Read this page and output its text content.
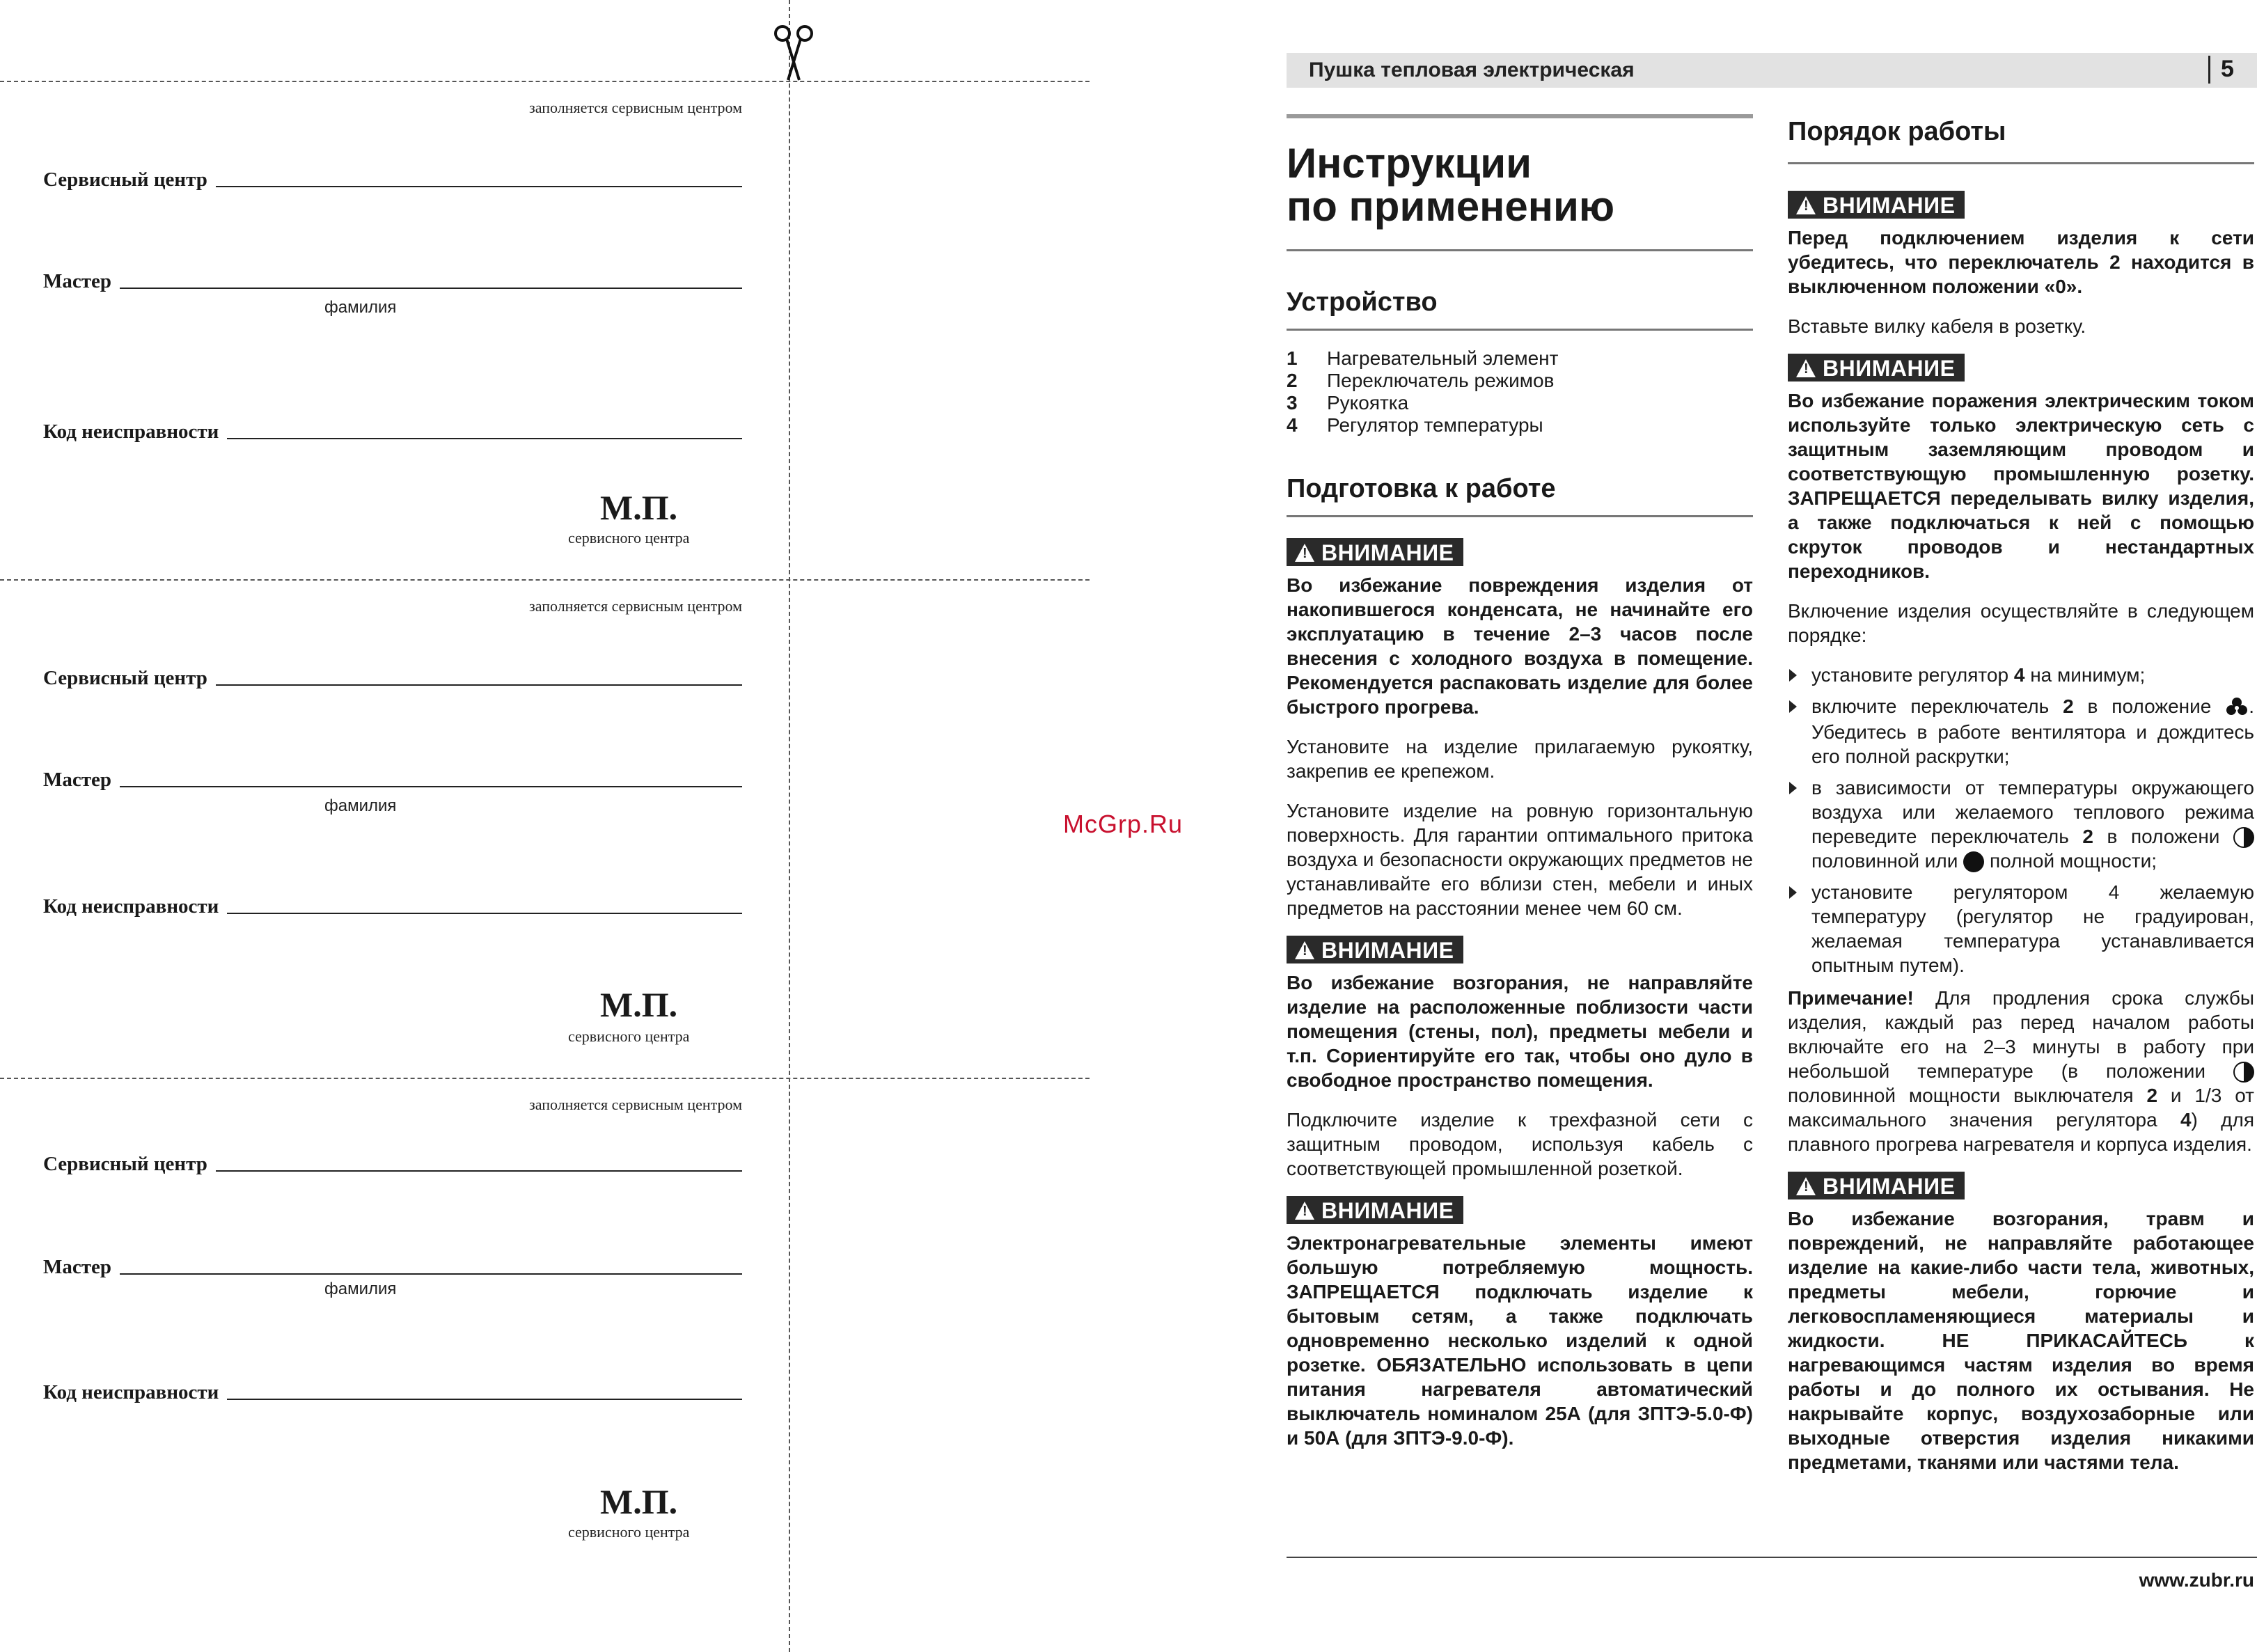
заполняется сервисным центром
Сервисный центр
Мастер
фамилия
Код неисправности
М.П.
сервисного центра
заполняется сервисным центром
Сервисный центр
Мастер
фамилия
Код неисправности
М.П.
сервисного центра
заполняется сервисным центром
Сервисный центр
Мастер
фамилия
Код неисправности
М.П.
сервисного центра
McGrp.Ru
Пушка тепловая электрическая	5
Инструкции
по применению
Устройство
1	Нагревательный элемент
2	Переключатель режимов
3	Рукоятка
4	Регулятор температуры
Подготовка к работе
!ВНИМАНИЕ

Во избежание повреждения изделия от накопившегося конденсата, не начинайте его эксплуатацию в течение 2–3 часов после внесения с холодного воздуха в помещение. Рекомендуется распаковать изделие для более быстрого прогрева.

Установите на изделие прилагаемую рукоятку, закрепив ее крепежом.

Установите изделие на ровную горизонтальную поверхность. Для гарантии оптимального притока воздуха и безопасности окружающих предметов не устанавливайте его вблизи стен, мебели и иных предметов на расстоянии менее чем 60 см.

!ВНИМАНИЕ

Во избежание возгорания, не направляйте изделие на расположенные поблизости части помещения (стены, пол), предметы мебели и т.п. Сориентируйте его так, чтобы оно дуло в свободное пространство помещения.

Подключите изделие к трехфазной сети с защитным проводом, используя кабель с соответствующей промышленной розеткой.

!ВНИМАНИЕ

Электронагревательные элементы имеют большую потребляемую мощность. ЗАПРЕЩАЕТСЯ подключать изделие к бытовым сетям, а также подключать одновременно несколько изделий к одной розетке. ОБЯЗАТЕЛЬНО использовать в цепи питания нагревателя автоматический выключатель номиналом 25А (для ЗПТЭ-5.0-Ф) и 50А (для ЗПТЭ-9.0-Ф).

Порядок работы
!ВНИМАНИЕ

Перед подключением изделия к сети убедитесь, что переключатель 2 находится в выключенном положении «0».

Вставьте вилку кабеля в розетку.

!ВНИМАНИЕ

Во избежание поражения электрическим током используйте только электрическую сеть с защитным заземляющим проводом и соответствующую промышленную розетку. ЗАПРЕЩАЕТСЯ переделывать вилку изделия, а также подключаться к ней с помощью скруток проводов и нестандартных переходников.

Включение изделия осуществляйте в следующем порядке:

установите регулятор 4 на минимум;
включите переключатель 2 в положение . Убедитесь в работе вентилятора и дождитесь его полной раскрутки;
в зависимости от температуры окружающего воздуха или желаемого теплового режима переведите переключатель 2 в положени  половинной или  полной мощности;
установите регулятором 4 желаемую температуру (регулятор не градуирован, желаемая температура устанавливается опытным путем).

Примечание! Для продления срока службы изделия, каждый раз перед началом работы включайте его на 2–3 минуты в работу при небольшой температуре (в положении  половинной мощности выключателя 2 и 1/3 от максимального значения регулятора 4) для плавного прогрева нагревателя и корпуса изделия.

!ВНИМАНИЕ

Во избежание возгорания, травм и повреждений, не направляйте работающее изделие на какие-либо части тела, животных, предметы мебели, горючие и легковоспламеняющиеся материалы и жидкости. НЕ ПРИКАСАЙТЕСЬ к нагревающимся частям изделия во время работы и до полного их остывания. Не накрывайте корпус, воздухозаборные или выходные отверстия изделия никакими предметами, тканями или частями тела.

www.zubr.ru
